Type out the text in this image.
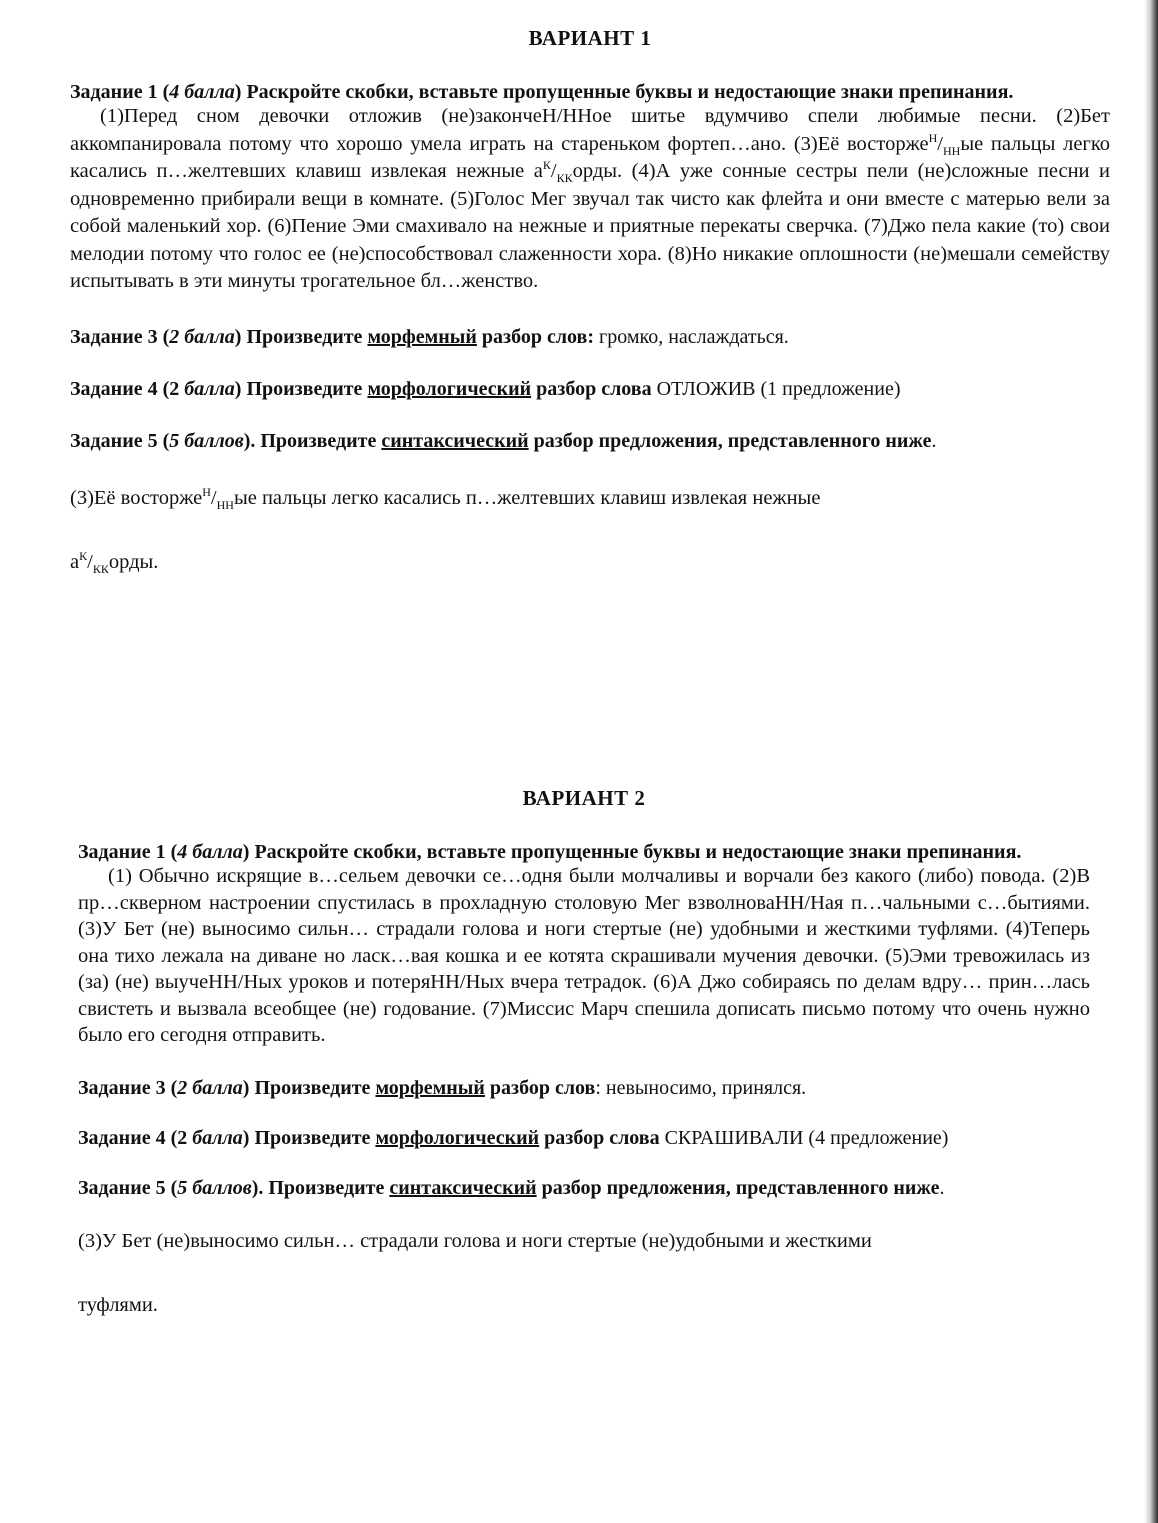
ВАРИАНТ 1
Задание 1 (4 балла) Раскройте скобки, вставьте пропущенные буквы и недостающие знаки препинания.

(1)Перед сном девочки отложив (не)закончеН/ННое шитье вдумчиво спели любимые песни. (2)Бет аккомпанировала потому что хорошо умела играть на стареньком фортеп…ано. (3)Её $восторже^Н/_{НН}ые$ пальцы легко касались п…желтевших клавиш извлекая нежные $а^К/_{КК}орды$. (4)А уже сонные сестры пели (не)сложные песни и одновременно прибирали вещи в комнате. (5)Голос Мег звучал так чисто как флейта и они вместе с матерью вели за собой маленький хор. (6)Пение Эми смахивало на нежные и приятные перекаты сверчка. (7)Джо пела какие (то) свои мелодии потому что голос ее (не)способствовал слаженности хора. (8)Но никакие оплошности (не)мешали семейству испытывать в эти минуты трогательное бл…женство.

Задание 3 (2 балла) Произведите морфемный разбор слов: громко, наслаждаться.
Задание 4 (2 балла) Произведите морфологический разбор слова ОТЛОЖИВ (1 предложение)
Задание 5 (5 баллов). Произведите синтаксический разбор предложения, представленного ниже.

(3)Её $восторже^Н/_{НН}ые$ пальцы легко касались п…желтевших клавиш извлекая нежные

$а^К/_{КК}орды$.

ВАРИАНТ 2
Задание 1 (4 балла) Раскройте скобки, вставьте пропущенные буквы и недостающие знаки препинания.

(1) Обычно искрящие в…сельем девочки се…одня были молчаливы и ворчали без какого (либо) повода. (2)В пр…скверном настроении спустилась в прохладную столовую Мег взволноваНН/Ная п…чальными с…бытиями. (3)У Бет (не) выносимо сильн… страдали голова и ноги стертые (не) удобными и жесткими туфлями. (4)Теперь она тихо лежала на диване но ласк…вая кошка и ее котята скрашивали мучения девочки. (5)Эми тревожилась из (за) (не) выучеНН/Ных уроков и потеряНН/Ных вчера тетрадок. (6)А Джо собираясь по делам вдру… прин…лась свистеть и вызвала всеобщее (не) годование. (7)Миссис Марч спешила дописать письмо потому что очень нужно было его сегодня отправить.

Задание 3 (2 балла) Произведите морфемный разбор слов: невыносимо, принялся.
Задание 4 (2 балла) Произведите морфологический разбор слова СКРАШИВАЛИ (4 предложение)
Задание 5 (5 баллов). Произведите синтаксический разбор предложения, представленного ниже.

(3)У Бет (не)выносимо сильн… страдали голова и ноги стертые (не)удобными и жесткими

туфлями.
